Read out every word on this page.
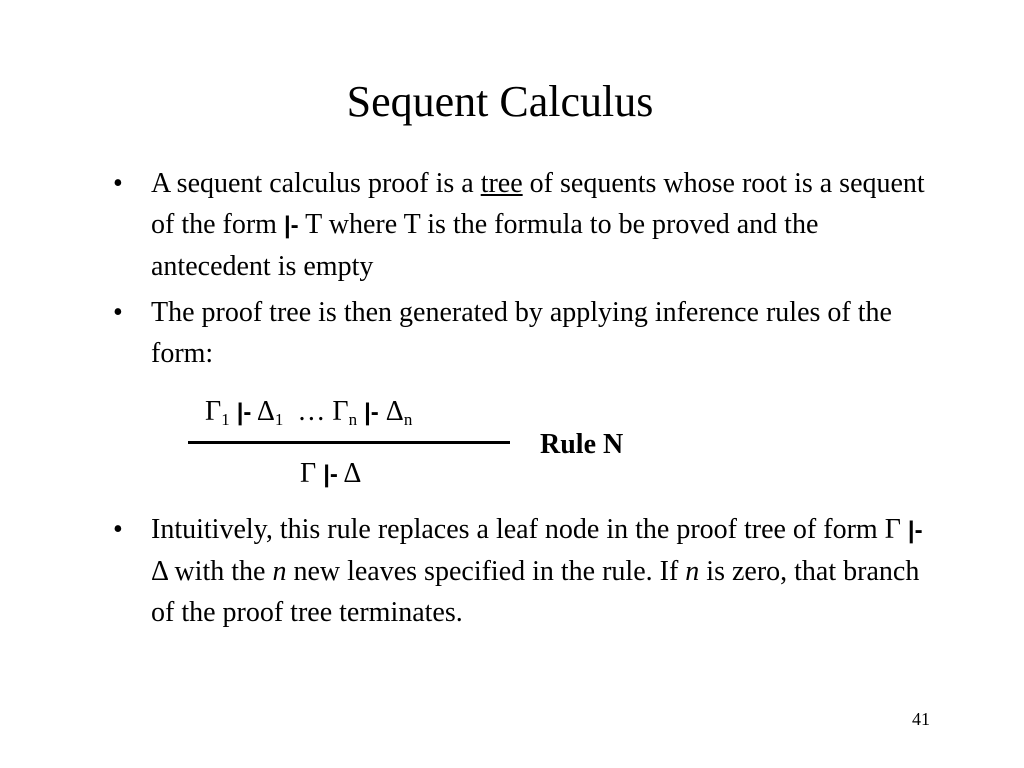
Sequent Calculus
• A sequent calculus proof is a tree of sequents whose root is a sequent of the form |- T where T is the formula to be proved and the antecedent is empty
• The proof tree is then generated by applying inference rules of the form:
$\Gamma_1$ |- $\Delta_1$ … $\Gamma_n$ |- $\Delta_n$
Γ |- Δ
Rule N
• Intuitively, this rule replaces a leaf node in the proof tree of form Γ |- Δ with the n new leaves specified in the rule. If n is zero, that branch of the proof tree terminates.
41
